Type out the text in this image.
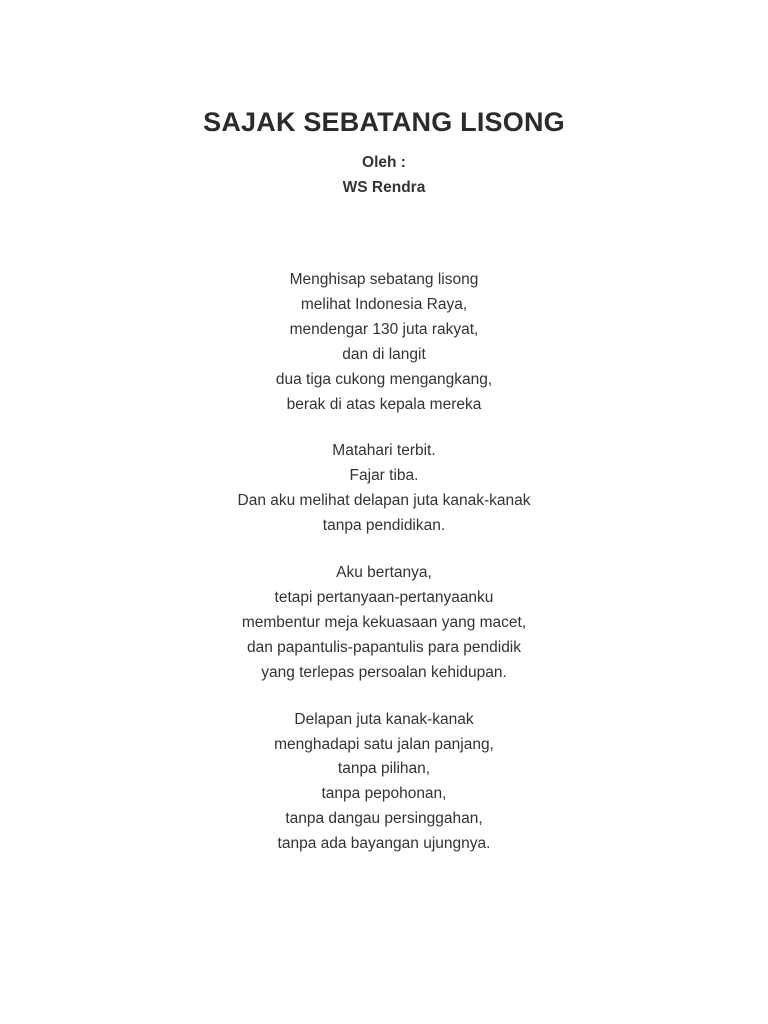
SAJAK SEBATANG LISONG
Oleh :
WS Rendra
Menghisap sebatang lisong
melihat Indonesia Raya,
mendengar 130 juta rakyat,
dan di langit
dua tiga cukong mengangkang,
berak di atas kepala mereka
Matahari terbit.
Fajar tiba.
Dan aku melihat delapan juta kanak-kanak
tanpa pendidikan.
Aku bertanya,
tetapi pertanyaan-pertanyaanku
membentur meja kekuasaan yang macet,
dan papantulis-papantulis para pendidik
yang terlepas persoalan kehidupan.
Delapan juta kanak-kanak
menghadapi satu jalan panjang,
tanpa pilihan,
tanpa pepohonan,
tanpa dangau persinggahan,
tanpa ada bayangan ujungnya.
